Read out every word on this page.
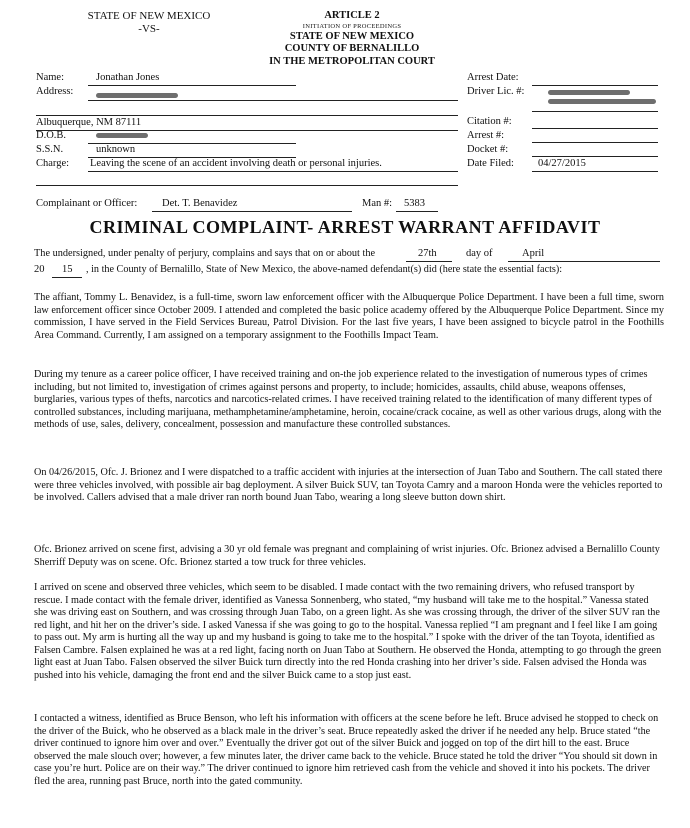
STATE OF NEW MEXICO
-VS-
ARTICLE 2
INITIATION OF PROCEEDINGS
STATE OF NEW MEXICO
COUNTY OF BERNALILLO
IN THE METROPOLITAN COURT
Name:	Jonathan Jones
Address:
Albuquerque, NM 87111
D.O.B.
S.S.N.	unknown
Charge: Leaving the scene of an accident involving death or personal injuries.
Arrest Date:
Driver Lic. #:
Citation #:
Arrest #:
Docket #:
Date Filed: 04/27/2015
Complainant or Officer: Det. T. Benavidez	Man #: 5383
CRIMINAL COMPLAINT- ARREST WARRANT AFFIDAVIT
The undersigned, under penalty of perjury, complains and says that on or about the	27th	day of	April
20 15 , in the County of Bernalillo, State of New Mexico, the above-named defendant(s) did (here state the essential facts):
The affiant, Tommy L. Benavidez, is a full-time, sworn law enforcement officer with the Albuquerque Police Department. I have been a full time, sworn law enforcement officer since October 2009. I attended and completed the basic police academy offered by the Albuquerque Police Department. Since my commission, I have served in the Field Services Bureau, Patrol Division. For the last five years, I have been assigned to bicycle patrol in the Foothills Area Command. Currently, I am assigned on a temporary assignment to the Foothills Impact Team.
During my tenure as a career police officer, I have received training and on-the job experience related to the investigation of numerous types of crimes including, but not limited to, investigation of crimes against persons and property, to include; homicides, assaults, child abuse, weapons offenses, burglaries, various types of thefts, narcotics and narcotics-related crimes. I have received training related to the identification of many different types of controlled substances, including marijuana, methamphetamine/amphetamine, heroin, cocaine/crack cocaine, as well as other various drugs, along with the methods of use, sales, delivery, concealment, possession and manufacture these controlled substances.
On 04/26/2015, Ofc. J. Brionez and I were dispatched to a traffic accident with injuries at the intersection of Juan Tabo and Southern. The call stated there were three vehicles involved, with possible air bag deployment. A silver Buick SUV, tan Toyota Camry and a maroon Honda were the vehicles reported to be involved. Callers advised that a male driver ran north bound Juan Tabo, wearing a long sleeve button down shirt.
Ofc. Brionez arrived on scene first, advising a 30 yr old female was pregnant and complaining of wrist injuries. Ofc. Brionez advised a Bernalillo County Sherriff Deputy was on scene. Ofc. Brionez started a tow truck for three vehicles.
I arrived on scene and observed three vehicles, which seem to be disabled. I made contact with the two remaining drivers, who refused transport by rescue. I made contact with the female driver, identified as Vanessa Sonnenberg, who stated, “my husband will take me to the hospital.” Vanessa stated she was driving east on Southern, and was crossing through Juan Tabo, on a green light. As she was crossing through, the driver of the silver SUV ran the red light, and hit her on the driver’s side. I asked Vanessa if she was going to go to the hospital. Vanessa replied “I am pregnant and I feel like I am going to pass out. My arm is hurting all the way up and my husband is going to take me to the hospital.” I spoke with the driver of the tan Toyota, identified as Falsen Cambre. Falsen explained he was at a red light, facing north on Juan Tabo at Southern. He observed the Honda, attempting to go through the green light east at Juan Tabo. Falsen observed the silver Buick turn directly into the red Honda crashing into her driver’s side. Falsen advised the Honda was pushed into his vehicle, damaging the front end and the silver Buick came to a stop just east.
I contacted a witness, identified as Bruce Benson, who left his information with officers at the scene before he left. Bruce advised he stopped to check on the driver of the Buick, who he observed as a black male in the driver’s seat. Bruce repeatedly asked the driver if he needed any help. Bruce stated “the driver continued to ignore him over and over.” Eventually the driver got out of the silver Buick and jogged on top of the dirt hill to the east. Bruce observed the male slouch over; however, a few minutes later, the driver came back to the vehicle. Bruce stated he told the driver “You should sit down in case you’re hurt. Police are on their way.” The driver continued to ignore him retrieved cash from the vehicle and shoved it into his pockets. The driver fled the area, running past Bruce, north into the gated community.
